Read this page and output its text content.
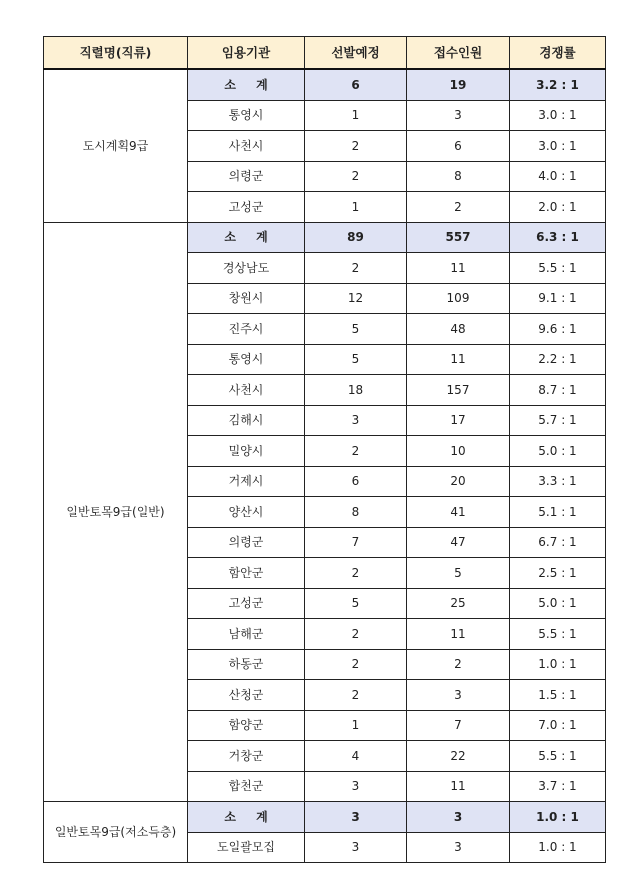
직렬명(직류)	임용기관	선발예정	접수인원	경쟁률
도시계획9급	소 계	6	19	3.2 : 1
	통영시	1	3	3.0 : 1
	사천시	2	6	3.0 : 1
	의령군	2	8	4.0 : 1
	고성군	1	2	2.0 : 1
일반토목9급(일반)	소 계	89	557	6.3 : 1
	경상남도	2	11	5.5 : 1
	창원시	12	109	9.1 : 1
	진주시	5	48	9.6 : 1
	통영시	5	11	2.2 : 1
	사천시	18	157	8.7 : 1
	김해시	3	17	5.7 : 1
	밀양시	2	10	5.0 : 1
	거제시	6	20	3.3 : 1
	양산시	8	41	5.1 : 1
	의령군	7	47	6.7 : 1
	함안군	2	5	2.5 : 1
	고성군	5	25	5.0 : 1
	남해군	2	11	5.5 : 1
	하동군	2	2	1.0 : 1
	산청군	2	3	1.5 : 1
	함양군	1	7	7.0 : 1
	거창군	4	22	5.5 : 1
	합천군	3	11	3.7 : 1
일반토목9급(저소득층)	소 계	3	3	1.0 : 1
	도일괄모집	3	3	1.0 : 1
